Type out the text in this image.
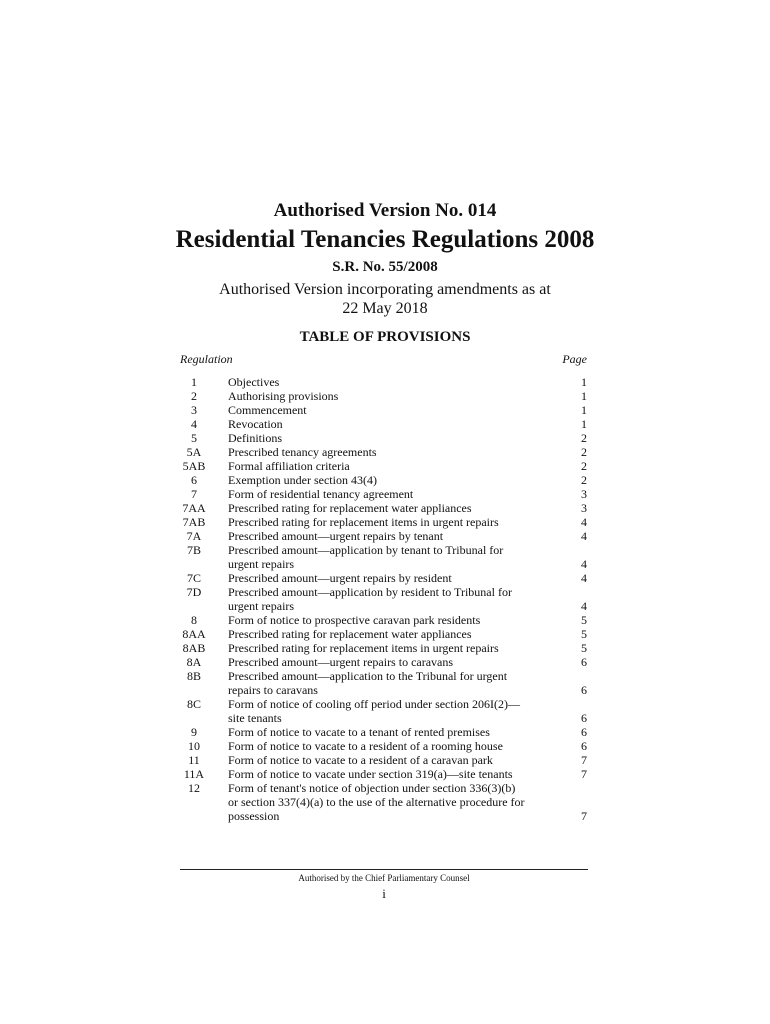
Authorised Version No. 014
Residential Tenancies Regulations 2008
S.R. No. 55/2008
Authorised Version incorporating amendments as at
22 May 2018
TABLE OF PROVISIONS
Regulation	Page
1	Objectives	1
2	Authorising provisions	1
3	Commencement	1
4	Revocation	1
5	Definitions	2
5A	Prescribed tenancy agreements	2
5AB	Formal affiliation criteria	2
6	Exemption under section 43(4)	2
7	Form of residential tenancy agreement	3
7AA	Prescribed rating for replacement water appliances	3
7AB	Prescribed rating for replacement items in urgent repairs	4
7A	Prescribed amount—urgent repairs by tenant	4
7B	Prescribed amount—application by tenant to Tribunal for
urgent repairs	4
7C	Prescribed amount—urgent repairs by resident	4
7D	Prescribed amount—application by resident to Tribunal for
urgent repairs	4
8	Form of notice to prospective caravan park residents	5
8AA	Prescribed rating for replacement water appliances	5
8AB	Prescribed rating for replacement items in urgent repairs	5
8A	Prescribed amount—urgent repairs to caravans	6
8B	Prescribed amount—application to the Tribunal for urgent
repairs to caravans	6
8C	Form of notice of cooling off period under section 206I(2)—
site tenants	6
9	Form of notice to vacate to a tenant of rented premises	6
10	Form of notice to vacate to a resident of a rooming house	6
11	Form of notice to vacate to a resident of a caravan park	7
11A	Form of notice to vacate under section 319(a)—site tenants	7
12	Form of tenant's notice of objection under section 336(3)(b)
or section 337(4)(a) to the use of the alternative procedure for
possession	7
Authorised by the Chief Parliamentary Counsel
i
